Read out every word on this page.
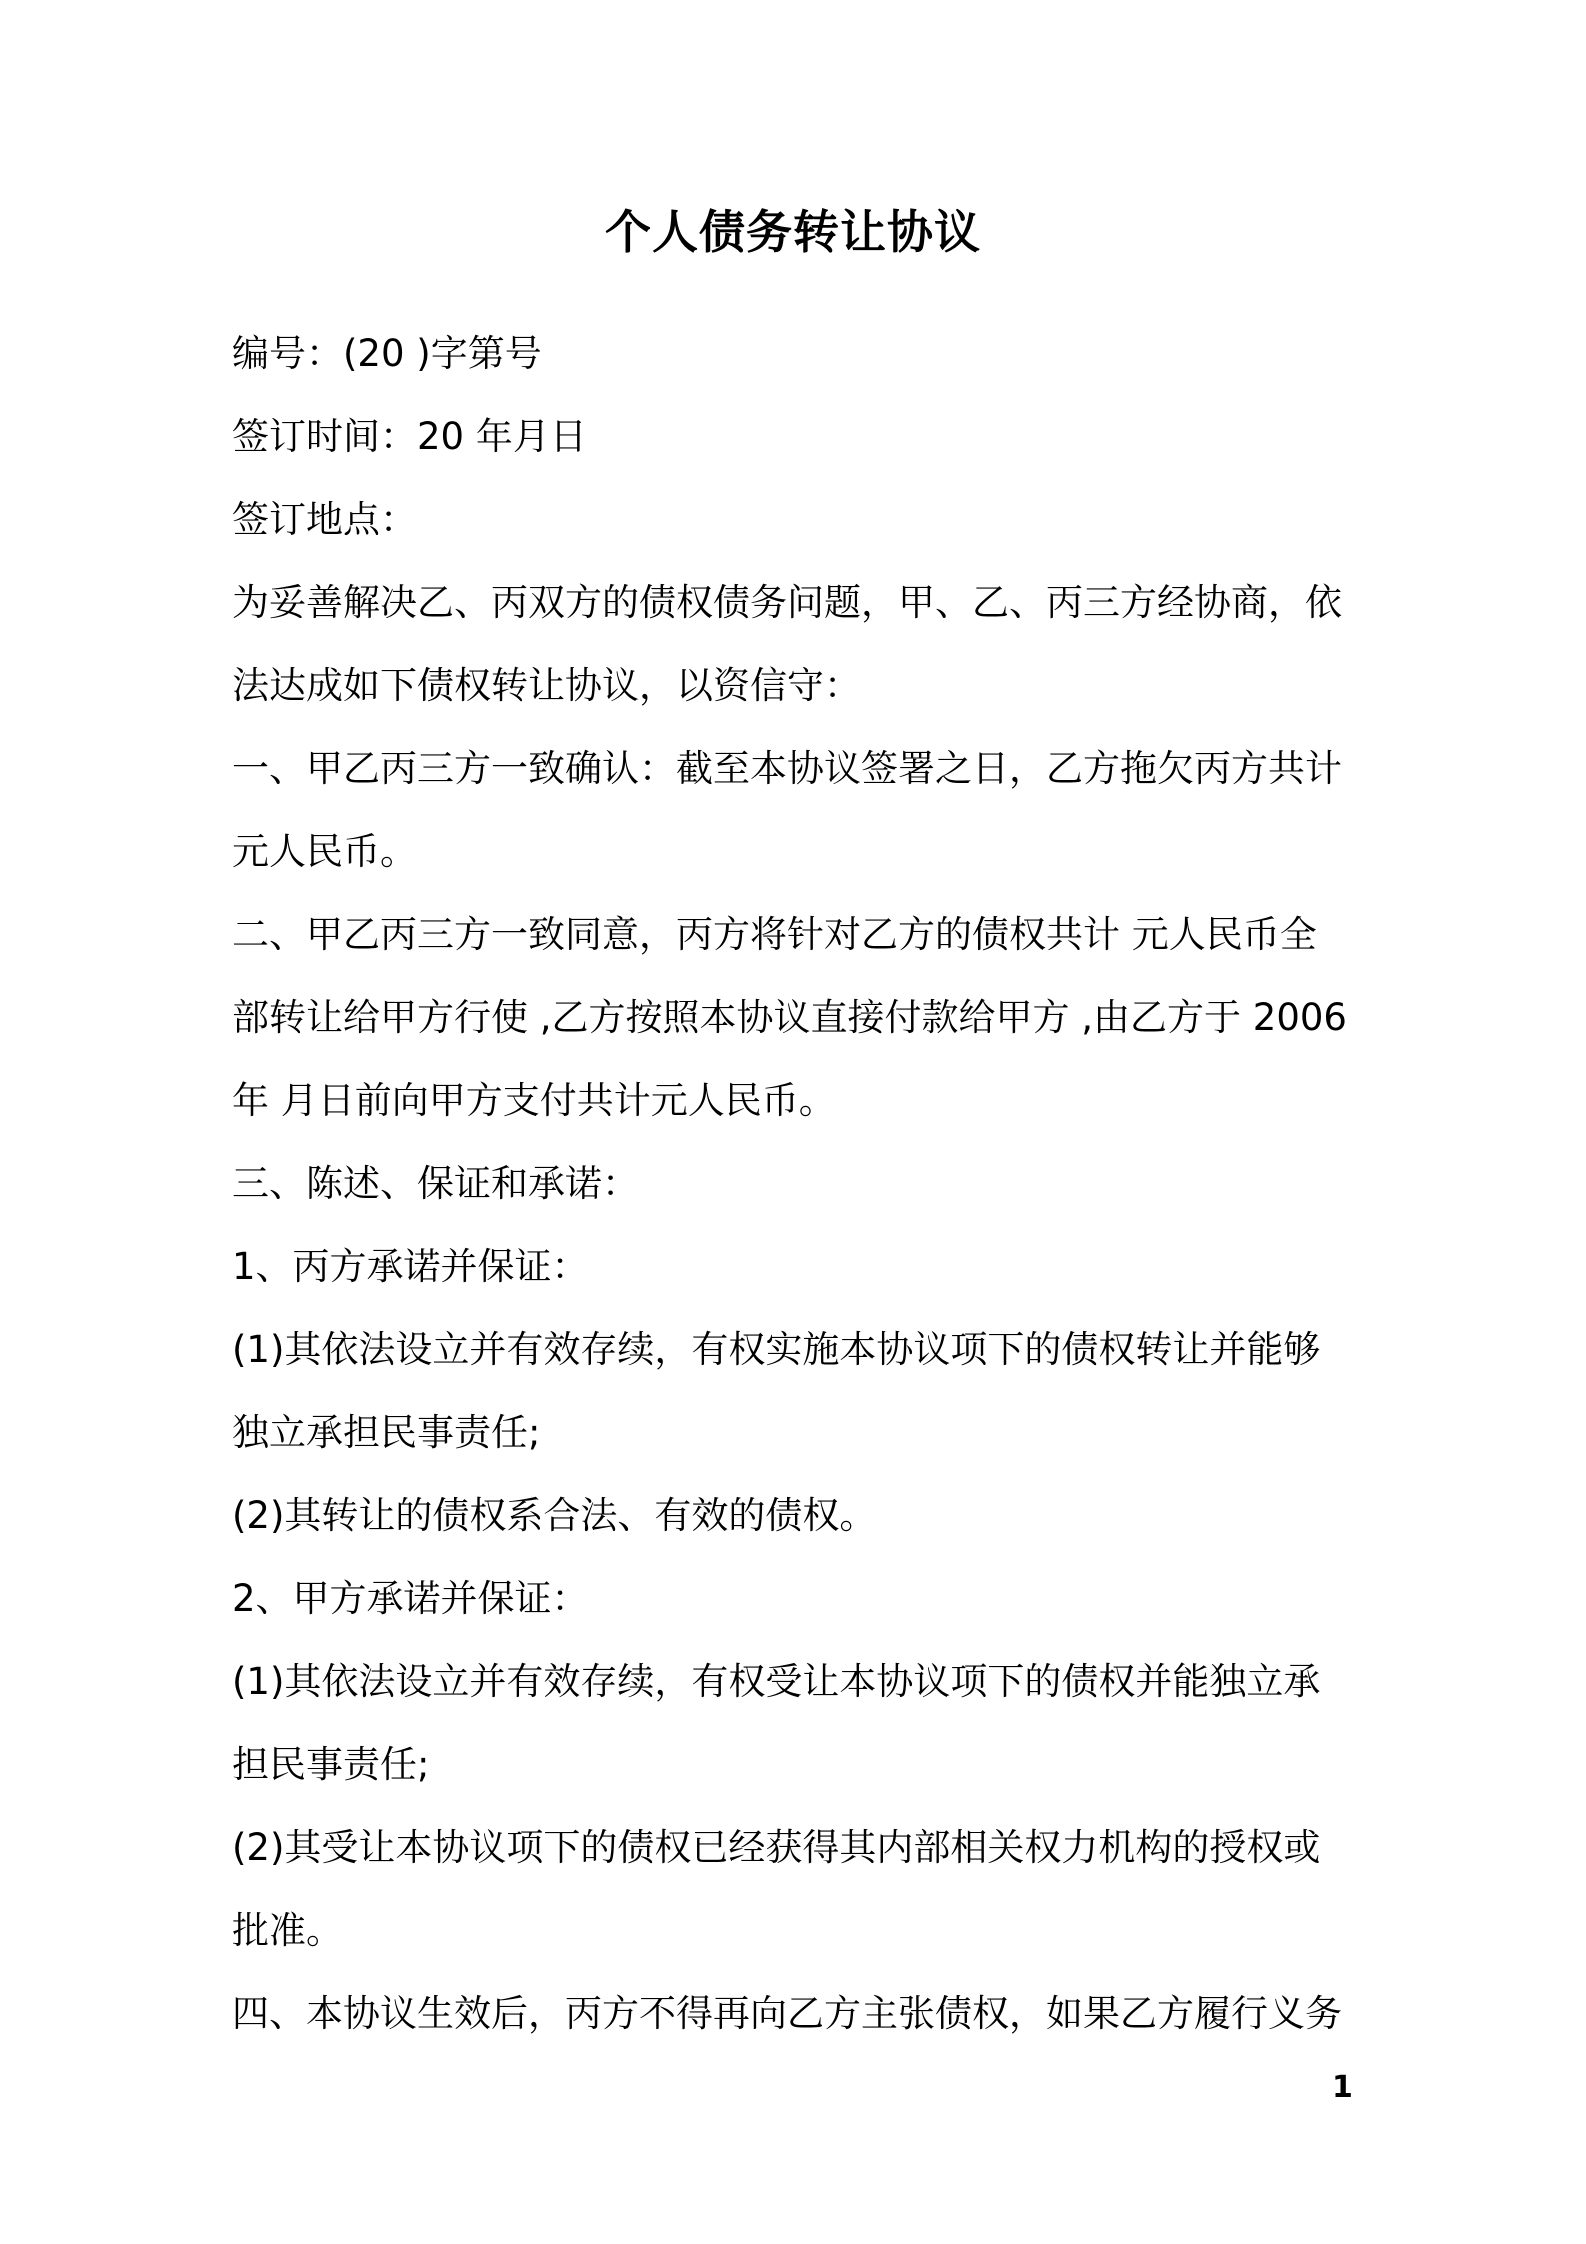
个人债务转让协议
编号：(20 )字第号
签订时间：20 年月日
签订地点：
为妥善解决乙、丙双方的债权债务问题，甲、乙、丙三方经协商，依
法达成如下债权转让协议，以资信守：
一、甲乙丙三方一致确认：截至本协议签署之日，乙方拖欠丙方共计
元人民币。
二、甲乙丙三方一致同意，丙方将针对乙方的债权共计 元人民币全
部转让给甲方行使 ,乙方按照本协议直接付款给甲方 ,由乙方于 2006
年 月日前向甲方支付共计元人民币。
三、陈述、保证和承诺：
1、丙方承诺并保证：
(1)其依法设立并有效存续，有权实施本协议项下的债权转让并能够
独立承担民事责任;
(2)其转让的债权系合法、有效的债权。
2、甲方承诺并保证：
(1)其依法设立并有效存续，有权受让本协议项下的债权并能独立承
担民事责任;
(2)其受让本协议项下的债权已经获得其内部相关权力机构的授权或
批准。
四、本协议生效后，丙方不得再向乙方主张债权，如果乙方履行义务
1
